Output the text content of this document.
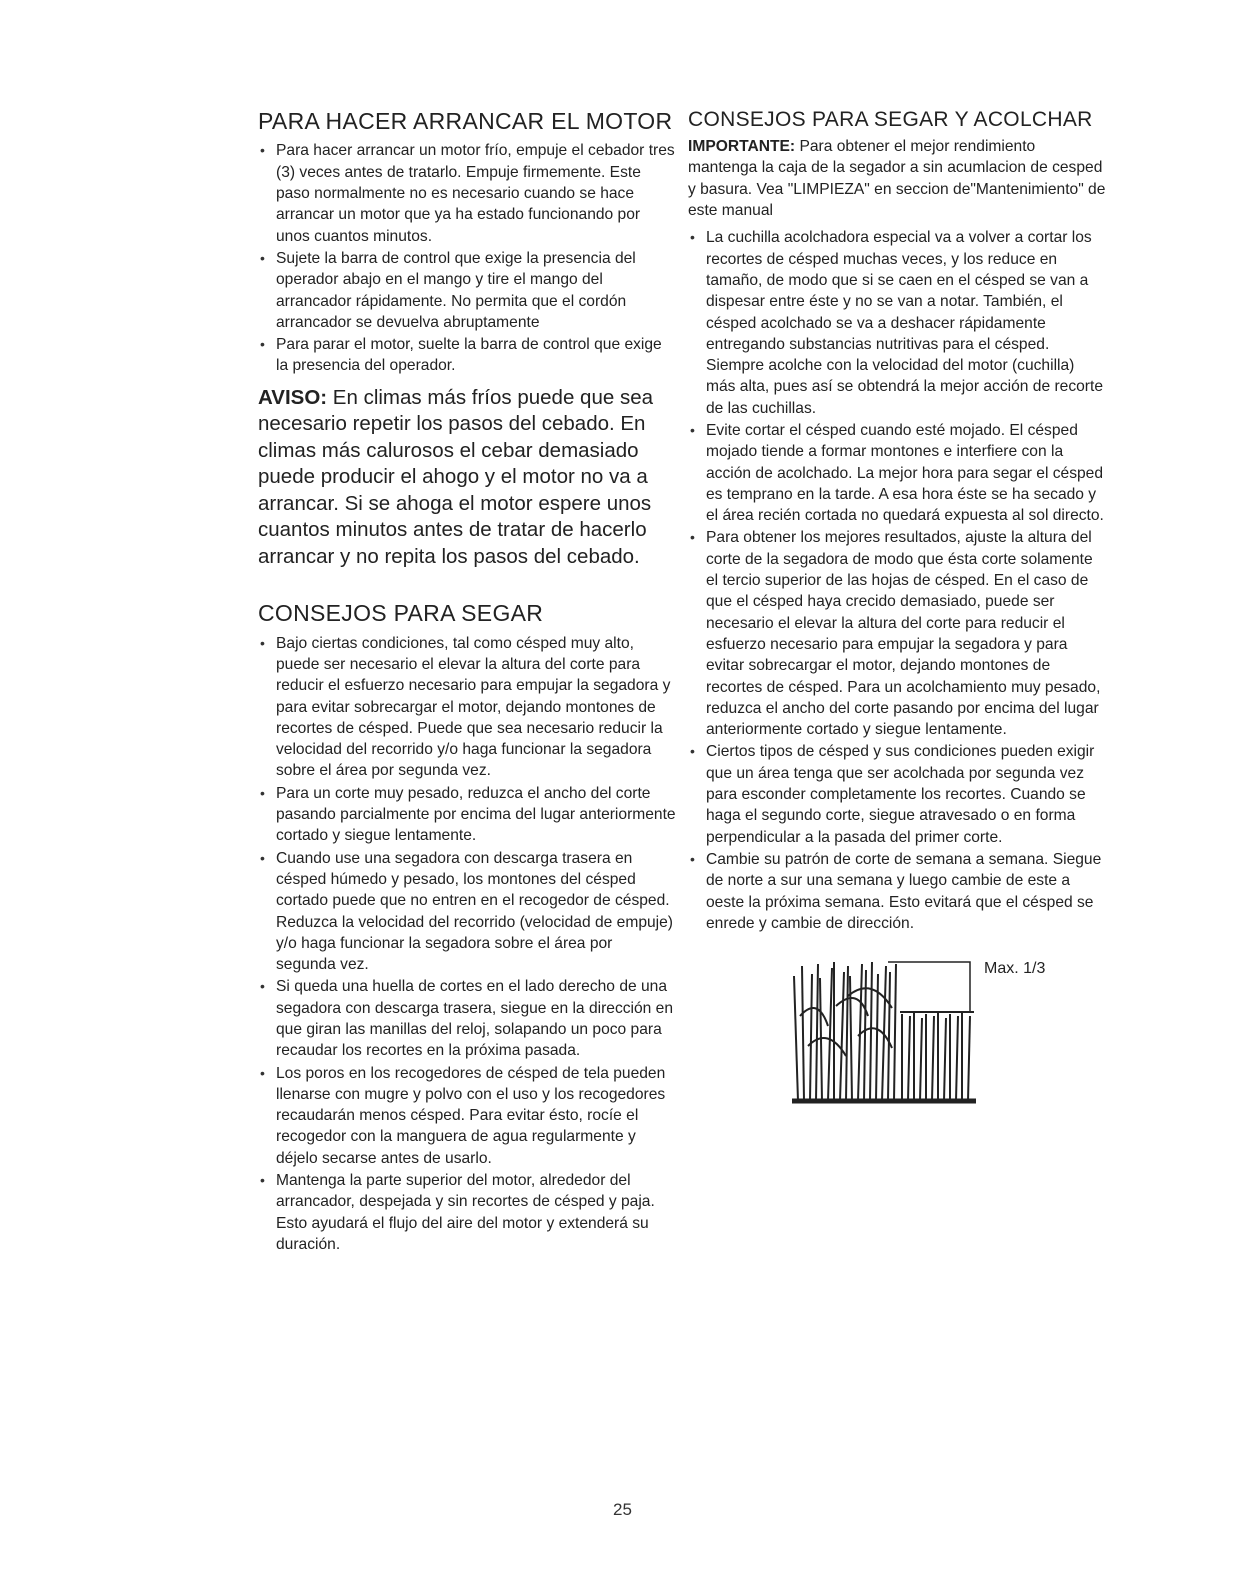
PARA HACER ARRANCAR EL MOTOR
• Para hacer arrancar un motor frío, empuje el cebador tres (3) veces antes de tratarlo. Empuje firmemente. Este paso normalmente no es necesario cuando se hace arrancar un motor que ya ha estado funcionando por unos cuantos minutos.
• Sujete la barra de control que exige la presencia del operador abajo en el mango y tire el mango del arrancador rápidamente. No permita que el cordón arrancador se devuelva abruptamente
• Para parar el motor, suelte la barra de control que exige la presencia del operador.
AVISO: En climas más fríos puede que sea necesario repetir los pasos del cebado. En climas más calurosos el cebar demasiado puede producir el ahogo y el motor no va a arrancar. Si se ahoga el motor espere unos cuantos minutos antes de tratar de hacerlo arrancar y no repita los pasos del cebado.
CONSEJOS PARA SEGAR
• Bajo ciertas condiciones, tal como césped muy alto, puede ser necesario el elevar la altura del corte para reducir el esfuerzo necesario para empujar la segadora y para evitar sobrecargar el motor, dejando montones de recortes de césped. Puede que sea necesario reducir la velocidad del recorrido y/o haga funcionar la segadora sobre el área por segunda vez.
• Para un corte muy pesado, reduzca el ancho del corte pasando parcialmente por encima del lugar anteriormente cortado y siegue lentamente.
• Cuando use una segadora con descarga trasera en césped húmedo y pesado, los montones del césped cortado puede que no entren en el recogedor de césped. Reduzca la velocidad del recorrido (velocidad de empuje) y/o haga funcionar la segadora sobre el área por segunda vez.
• Si queda una huella de cortes en el lado derecho de una segadora con descarga trasera, siegue en la dirección en que giran las manillas del reloj, solapando un poco para recaudar los recortes en la próxima pasada.
• Los poros en los recogedores de césped de tela pueden llenarse con mugre y polvo con el uso y los recogedores recaudarán menos césped. Para evitar ésto, rocíe el recogedor con la manguera de agua regularmente y déjelo secarse antes de usarlo.
• Mantenga la parte superior del motor, alrededor del arrancador, despejada y sin recortes de césped y paja. Esto ayudará el flujo del aire del motor y extenderá su duración.
CONSEJOS PARA SEGAR Y ACOLCHAR
IMPORTANTE: Para obtener el mejor rendimiento mantenga la caja de la segador a sin acumlacion de cesped y basura. Vea "LIMPIEZA" en seccion de"Mantenimiento" de este manual
• La cuchilla acolchadora especial va a volver a cortar los recortes de césped muchas veces, y los reduce en tamaño, de modo que si se caen en el césped se van a dispesar entre éste y no se van a notar. También, el césped acolchado se va a deshacer rápidamente entregando substancias nutritivas para el césped. Siempre acolche con la velocidad del motor (cuchilla) más alta, pues así se obtendrá la mejor acción de recorte de las cuchillas.
• Evite cortar el césped cuando esté mojado. El césped mojado tiende a formar montones e interfiere con la acción de acolchado. La mejor hora para segar el césped es temprano en la tarde. A esa hora éste se ha secado y el área recién cortada no quedará expuesta al sol directo.
• Para obtener los mejores resultados, ajuste la altura del corte de la segadora de modo que ésta corte solamente el tercio superior de las hojas de césped. En el caso de que el césped haya crecido demasiado, puede ser necesario el elevar la altura del corte para reducir el esfuerzo necesario para empujar la segadora y para evitar sobrecargar el motor, dejando montones de recortes de césped. Para un acolchamiento muy pesado, reduzca el ancho del corte pasando por encima del lugar anteriormente cortado y siegue lentamente.
• Ciertos tipos de césped y sus condiciones pueden exigir que un área tenga que ser acolchada por segunda vez para esconder completamente los recortes. Cuando se haga el segundo corte, siegue atravesado o en forma perpendicular a la pasada del primer corte.
• Cambie su patrón de corte de semana a semana. Siegue de norte a sur una semana y luego cambie de este a oeste la próxima semana. Esto evitará que el césped se enrede y cambie de dirección.
Max. 1/3
25
